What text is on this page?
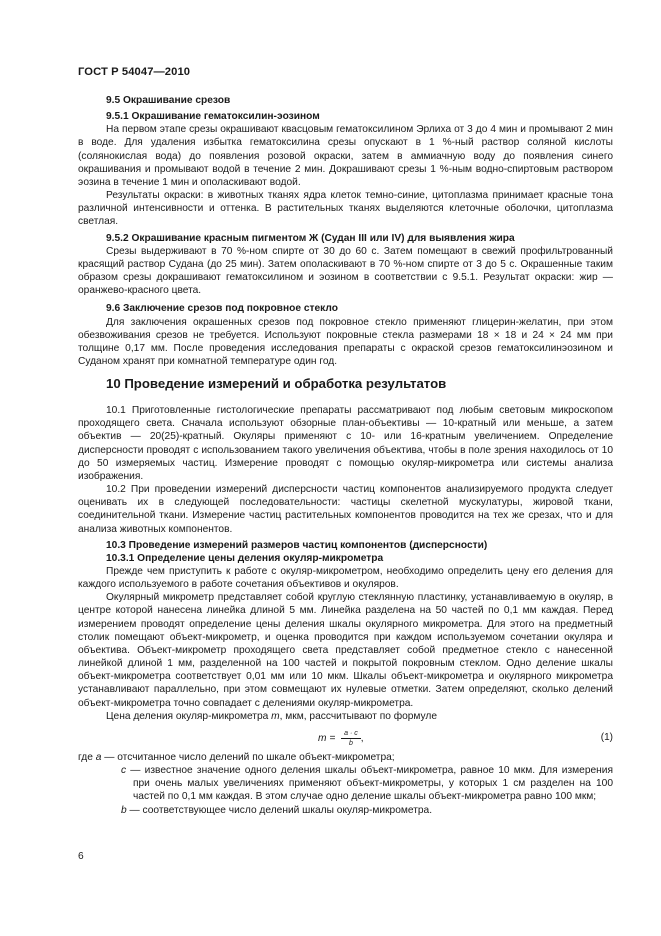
ГОСТ Р 54047—2010
9.5 Окрашивание срезов
9.5.1 Окрашивание гематоксилин-эозином

На первом этапе срезы окрашивают квасцовым гематоксилином Эрлиха от 3 до 4 мин и промывают 2 мин в воде. Для удаления избытка гематоксилина срезы опускают в 1 %-ный раствор соляной кислоты (солянокислая вода) до появления розовой окраски, затем в аммиачную воду до появления синего окрашивания и промывают водой в течение 2 мин. Докрашивают срезы 1 %-ным водно-спиртовым раствором эозина в течение 1 мин и ополаскивают водой.

Результаты окраски: в животных тканях ядра клеток темно-синие, цитоплазма принимает красные тона различной интенсивности и оттенка. В растительных тканях выделяются клеточные оболочки, цитоплазма светлая.

9.5.2 Окрашивание красным пигментом Ж (Судан III или IV) для выявления жира

Срезы выдерживают в 70 %-ном спирте от 30 до 60 с. Затем помещают в свежий профильтрованный красящий раствор Судана (до 25 мин). Затем ополаскивают в 70 %-ном спирте от 3 до 5 с. Окрашенные таким образом срезы докрашивают гематоксилином и эозином в соответствии с 9.5.1. Результат окраски: жир — оранжево-красного цвета.

9.6 Заключение срезов под покровное стекло

Для заключения окрашенных срезов под покровное стекло применяют глицерин-желатин, при этом обезвоживания срезов не требуется. Используют покровные стекла размерами 18 × 18 и 24 × 24 мм при толщине 0,17 мм. После проведения исследования препараты с окраской срезов гематоксилинэозином и Суданом хранят при комнатной температуре один год.

10 Проведение измерений и обработка результатов

10.1 Приготовленные гистологические препараты рассматривают под любым световым микроскопом проходящего света. Сначала используют обзорные план-объективы — 10-кратный или меньше, а затем объектив — 20(25)-кратный. Окуляры применяют с 10- или 16-кратным увеличением. Определение дисперсности проводят с использованием такого увеличения объектива, чтобы в поле зрения находилось от 10 до 50 измеряемых частиц. Измерение проводят с помощью окуляр-микрометра или системы анализа изображения.

10.2 При проведении измерений дисперсности частиц компонентов анализируемого продукта следует оценивать их в следующей последовательности: частицы скелетной мускулатуры, жировой ткани, соединительной ткани. Измерение частиц растительных компонентов проводится на тех же срезах, что и для анализа животных компонентов.

10.3 Проведение измерений размеров частиц компонентов (дисперсности)
10.3.1 Определение цены деления окуляр-микрометра

Прежде чем приступить к работе с окуляр-микрометром, необходимо определить цену его деления для каждого используемого в работе сочетания объективов и окуляров.

Окулярный микрометр представляет собой круглую стеклянную пластинку, устанавливаемую в окуляр, в центре которой нанесена линейка длиной 5 мм. Линейка разделена на 50 частей по 0,1 мм каждая. Перед измерением проводят определение цены деления шкалы окулярного микрометра. Для этого на предметный столик помещают объект-микрометр, и оценка проводится при каждом используемом сочетании окуляра и объектива. Объект-микрометр проходящего света представляет собой предметное стекло с нанесенной линейкой длиной 1 мм, разделенной на 100 частей и покрытой покровным стеклом. Одно деление шкалы объект-микрометра соответствует 0,01 мм или 10 мкм. Шкалы объект-микрометра и окулярного микрометра устанавливают параллельно, при этом совмещают их нулевые отметки. Затем определяют, сколько делений объект-микрометра точно совпадает с делениями окуляр-микрометра.

Цена деления окуляр-микрометра m, мкм, рассчитывают по формуле

$m = \frac{a \cdot c}{b}$ ,	(1)

где a — отсчитанное число делений по шкале объект-микрометра;

c — известное значение одного деления шкалы объект-микрометра, равное 10 мкм. Для измерения при очень малых увеличениях применяют объект-микрометры, у которых 1 см разделен на 100 частей по 0,1 мм каждая. В этом случае одно деление шкалы объект-микрометра равно 100 мкм;

b — соответствующее число делений шкалы окуляр-микрометра.

6
